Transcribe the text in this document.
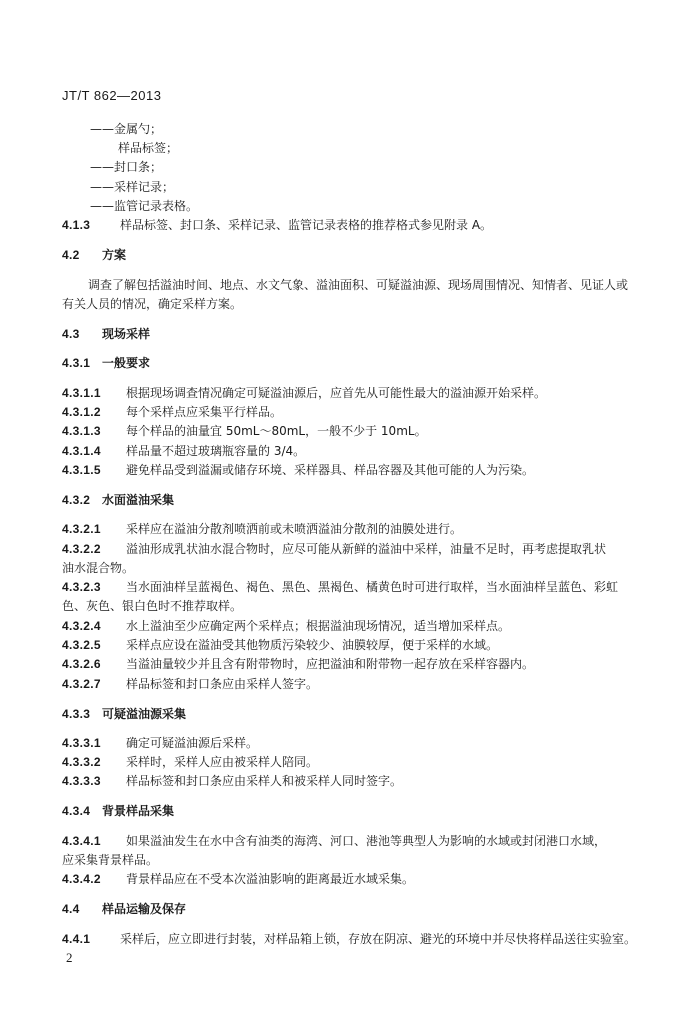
JT/T 862—2013
——金属勺；
样品标签；
——封口条；
——采样记录；
——监管记录表格。
4.1.3 样品标签、封口条、采样记录、监管记录表格的推荐格式参见附录 A。
4.2 方案
调查了解包括溢油时间、地点、水文气象、溢油面积、可疑溢油源、现场周围情况、知情者、见证人或
有关人员的情况，确定采样方案。
4.3 现场采样
4.3.1 一般要求
4.3.1.1 根据现场调查情况确定可疑溢油源后，应首先从可能性最大的溢油源开始采样。
4.3.1.2 每个采样点应采集平行样品。
4.3.1.3 每个样品的油量宜 50mL～80mL，一般不少于 10mL。
4.3.1.4 样品量不超过玻璃瓶容量的 3/4。
4.3.1.5 避免样品受到溢漏或储存环境、采样器具、样品容器及其他可能的人为污染。
4.3.2 水面溢油采集
4.3.2.1 采样应在溢油分散剂喷洒前或未喷洒溢油分散剂的油膜处进行。
4.3.2.2 溢油形成乳状油水混合物时，应尽可能从新鲜的溢油中采样，油量不足时，再考虑提取乳状
油水混合物。
4.3.2.3 当水面油样呈蓝褐色、褐色、黑色、黑褐色、橘黄色时可进行取样，当水面油样呈蓝色、彩虹
色、灰色、银白色时不推荐取样。
4.3.2.4 水上溢油至少应确定两个采样点；根据溢油现场情况，适当增加采样点。
4.3.2.5 采样点应设在溢油受其他物质污染较少、油膜较厚，便于采样的水域。
4.3.2.6 当溢油量较少并且含有附带物时，应把溢油和附带物一起存放在采样容器内。
4.3.2.7 样品标签和封口条应由采样人签字。
4.3.3 可疑溢油源采集
4.3.3.1 确定可疑溢油源后采样。
4.3.3.2 采样时，采样人应由被采样人陪同。
4.3.3.3 样品标签和封口条应由采样人和被采样人同时签字。
4.3.4 背景样品采集
4.3.4.1 如果溢油发生在水中含有油类的海湾、河口、港池等典型人为影响的水域或封闭港口水域，
应采集背景样品。
4.3.4.2 背景样品应在不受本次溢油影响的距离最近水域采集。
4.4 样品运输及保存
4.4.1 采样后，应立即进行封装，对样品箱上锁，存放在阴凉、避光的环境中并尽快将样品送往实验室。
2
